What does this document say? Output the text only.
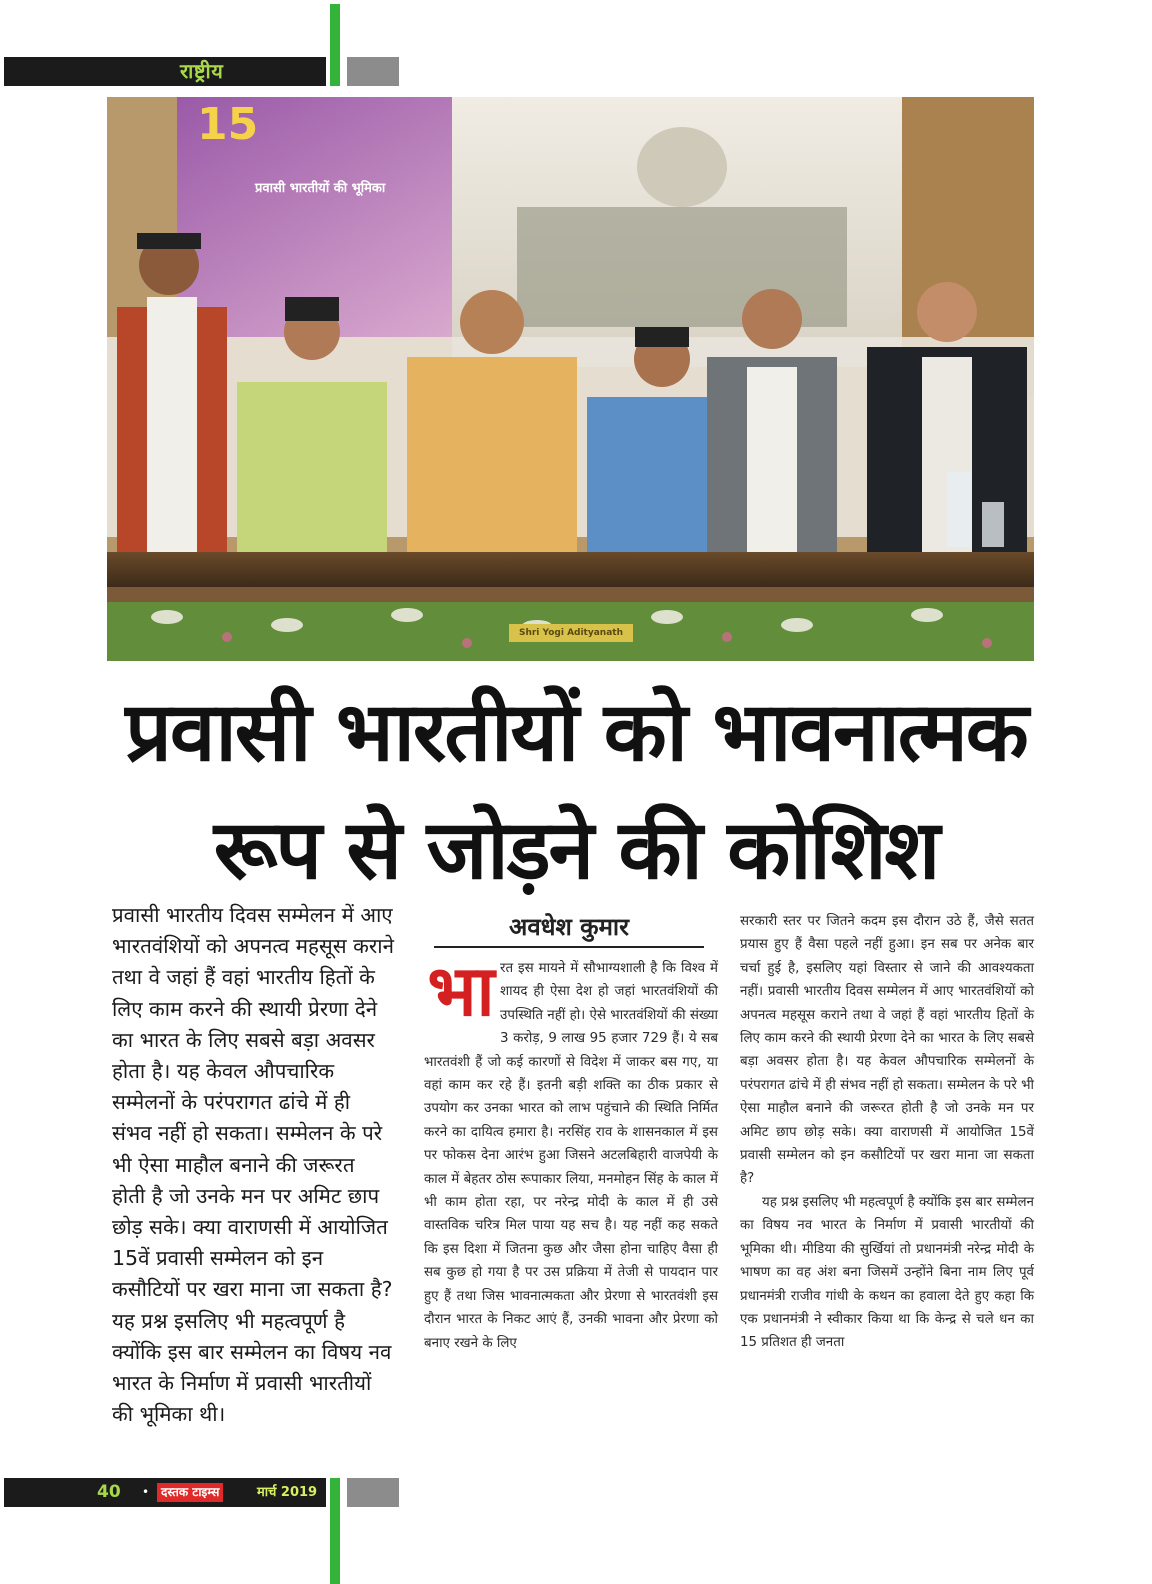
राष्ट्रीय
Shri Yogi Adityanath
15
प्रवासी भारतीयों की भूमिका
प्रवासी भारतीयों को भावनात्मक
रूप से जोड़ने की कोशिश

प्रवासी भारतीय दिवस सम्मेलन में आए भारतवंशियों को अपनत्व महसूस कराने तथा वे जहां हैं वहां भारतीय हितों के लिए काम करने की स्थायी प्रेरणा देने का भारत के लिए सबसे बड़ा अवसर होता है। यह केवल औपचारिक सम्मेलनों के परंपरागत ढांचे में ही संभव नहीं हो सकता। सम्मेलन के परे भी ऐसा माहौल बनाने की जरूरत होती है जो उनके मन पर अमिट छाप छोड़ सके। क्या वाराणसी में आयोजित 15वें प्रवासी सम्मेलन को इन कसौटियों पर खरा माना जा सकता है? यह प्रश्न इसलिए भी महत्वपूर्ण है क्योंकि इस बार सम्मेलन का विषय नव भारत के निर्माण में प्रवासी भारतीयों की भूमिका थी।

अवधेश कुमार

रत इस मायने में सौभाग्यशाली है कि विश्व में शायद ही ऐसा देश हो जहां भारतवंशियों की उपस्थिति नहीं हो। ऐसे भारतवंशियों की संख्या 3 करोड़, 9 लाख 95 हजार 729 हैं। ये सब भारतवंशी हैं जो कई कारणों से विदेश में जाकर बस गए, या वहां काम कर रहे हैं। इतनी बड़ी शक्ति का ठीक प्रकार से उपयोग कर उनका भारत को लाभ पहुंचाने की स्थिति निर्मित करने का दायित्व हमारा है। नरसिंह राव के शासनकाल में इस पर फोकस देना आरंभ हुआ जिसने अटलबिहारी वाजपेयी के काल में बेहतर ठोस रूपाकार लिया, मनमोहन सिंह के काल में भी काम होता रहा, पर नरेन्द्र मोदी के काल में ही उसे वास्तविक चरित्र मिल पाया यह सच है। यह नहीं कह सकते कि इस दिशा में जितना कुछ और जैसा होना चाहिए वैसा ही सब कुछ हो गया है पर उस प्रक्रिया में तेजी से पायदान पार हुए हैं तथा जिस भावनात्मकता और प्रेरणा से भारतवंशी इस दौरान भारत के निकट आएं हैं, उनकी भावना और प्रेरणा को बनाए रखने के लिए

भा

सरकारी स्तर पर जितने कदम इस दौरान उठे हैं, जैसे सतत प्रयास हुए हैं वैसा पहले नहीं हुआ। इन सब पर अनेक बार चर्चा हुई है, इसलिए यहां विस्तार से जाने की आवश्यकता नहीं। प्रवासी भारतीय दिवस सम्मेलन में आए भारतवंशियों को अपनत्व महसूस कराने तथा वे जहां हैं वहां भारतीय हितों के लिए काम करने की स्थायी प्रेरणा देने का भारत के लिए सबसे बड़ा अवसर होता है। यह केवल औपचारिक सम्मेलनों के परंपरागत ढांचे में ही संभव नहीं हो सकता। सम्मेलन के परे भी ऐसा माहौल बनाने की जरूरत होती है जो उनके मन पर अमिट छाप छोड़ सके। क्या वाराणसी में आयोजित 15वें प्रवासी सम्मेलन को इन कसौटियों पर खरा माना जा सकता है?

यह प्रश्न इसलिए भी महत्वपूर्ण है क्योंकि इस बार सम्मेलन का विषय नव भारत के निर्माण में प्रवासी भारतीयों की भूमिका थी। मीडिया की सुर्खियां तो प्रधानमंत्री नरेन्द्र मोदी के भाषण का वह अंश बना जिसमें उन्होंने बिना नाम लिए पूर्व प्रधानमंत्री राजीव गांधी के कथन का हवाला देते हुए कहा कि एक प्रधानमंत्री ने स्वीकार किया था कि केन्द्र से चले धन का 15 प्रतिशत ही जनता

40 • दस्तक टाइम्स	मार्च 2019
